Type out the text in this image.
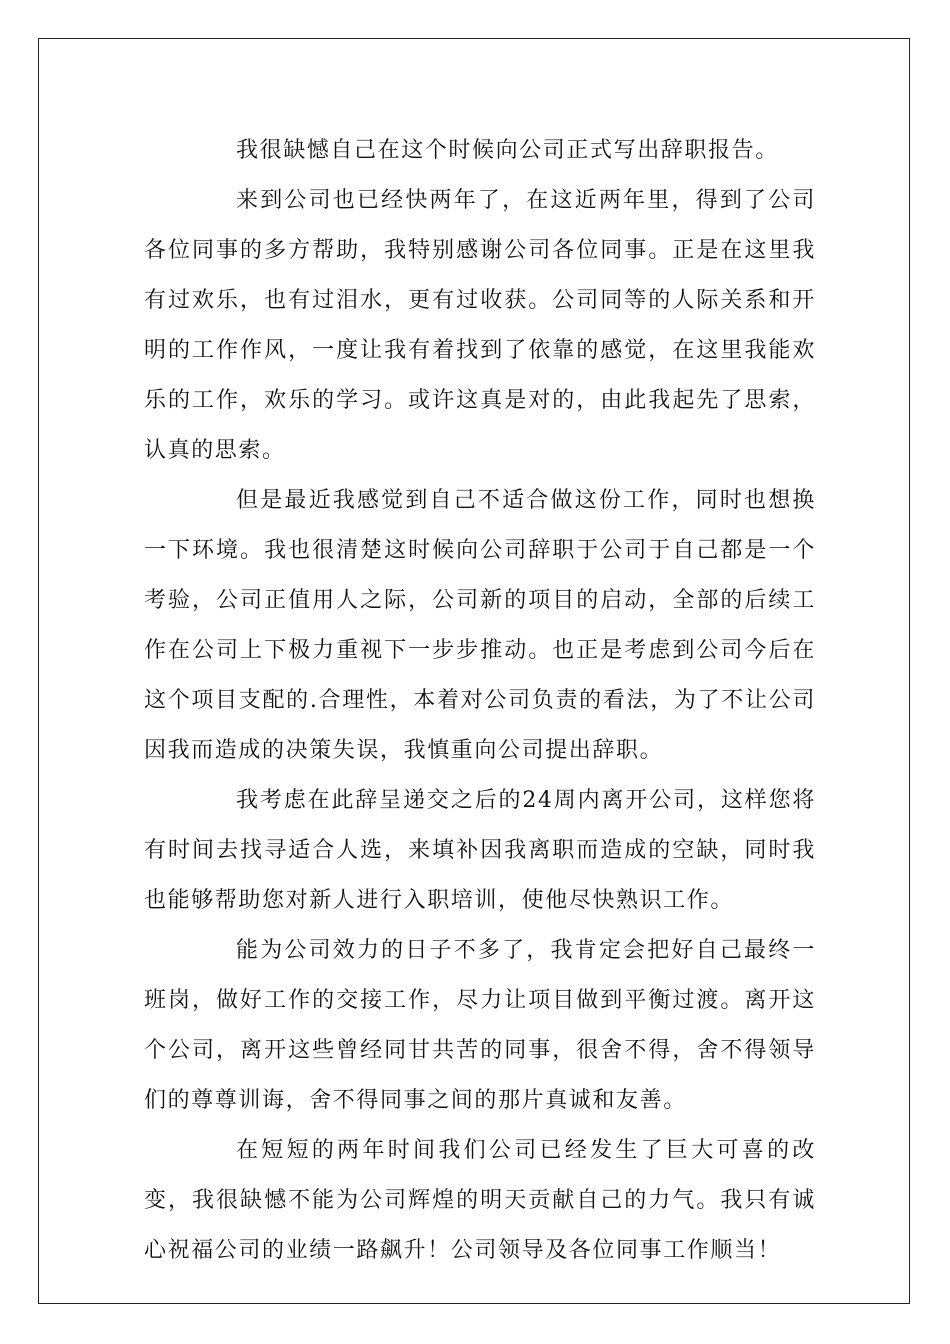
我很缺憾自己在这个时候向公司正式写出辞职报告。

来到公司也已经快两年了，在这近两年里，得到了公司各位同事的多方帮助，我特别感谢公司各位同事。正是在这里我有过欢乐，也有过泪水，更有过收获。公司同等的人际关系和开明的工作作风，一度让我有着找到了依靠的感觉，在这里我能欢乐的工作，欢乐的学习。或许这真是对的，由此我起先了思索，认真的思索。

但是最近我感觉到自己不适合做这份工作，同时也想换一下环境。我也很清楚这时候向公司辞职于公司于自己都是一个考验，公司正值用人之际，公司新的项目的启动，全部的后续工作在公司上下极力重视下一步步推动。也正是考虑到公司今后在这个项目支配的.合理性，本着对公司负责的看法，为了不让公司因我而造成的决策失误，我慎重向公司提出辞职。

我考虑在此辞呈递交之后的24周内离开公司，这样您将有时间去找寻适合人选，来填补因我离职而造成的空缺，同时我也能够帮助您对新人进行入职培训，使他尽快熟识工作。

能为公司效力的日子不多了，我肯定会把好自己最终一班岗，做好工作的交接工作，尽力让项目做到平衡过渡。离开这个公司，离开这些曾经同甘共苦的同事，很舍不得，舍不得领导们的尊尊训诲，舍不得同事之间的那片真诚和友善。

在短短的两年时间我们公司已经发生了巨大可喜的改变，我很缺憾不能为公司辉煌的明天贡献自己的力气。我只有诚心祝福公司的业绩一路飙升！公司领导及各位同事工作顺当！
